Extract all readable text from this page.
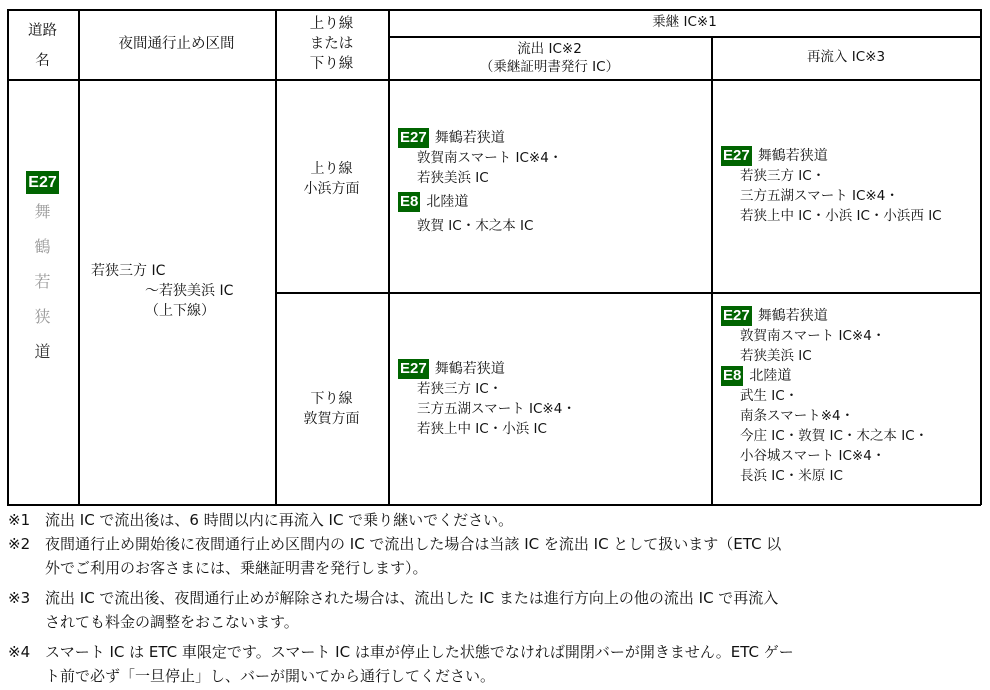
道路
名
夜間通行止め区間
上り線
または
下り線
乗継 IC※1
流出 IC※2
（乗継証明書発行 IC）
再流入 IC※3
E27
舞
鶴
若
狭
道
若狭三方 IC
～若狭美浜 IC
（上下線）
上り線
小浜方面
下り線
敦賀方面
E27 舞鶴若狭道
敦賀南スマート IC※4・
若狭美浜 IC
E8 北陸道
敦賀 IC・木之本 IC
E27 舞鶴若狭道
若狭三方 IC・
三方五湖スマート IC※4・
若狭上中 IC・小浜 IC・小浜西 IC
E27 舞鶴若狭道
若狭三方 IC・
三方五湖スマート IC※4・
若狭上中 IC・小浜 IC
E27 舞鶴若狭道
敦賀南スマート IC※4・
若狭美浜 IC
E8 北陸道
武生 IC・
南条スマート※4・
今庄 IC・敦賀 IC・木之本 IC・
小谷城スマート IC※4・
長浜 IC・米原 IC
※1 流出 IC で流出後は、6 時間以内に再流入 IC で乗り継いでください。
※2 夜間通行止め開始後に夜間通行止め区間内の IC で流出した場合は当該 IC を流出 IC として扱います（ETC 以
外でご利用のお客さまには、乗継証明書を発行します）。
※3 流出 IC で流出後、夜間通行止めが解除された場合は、流出した IC または進行方向上の他の流出 IC で再流入
されても料金の調整をおこないます。
※4 スマート IC は ETC 車限定です。スマート IC は車が停止した状態でなければ開閉バーが開きません。ETC ゲー
ト前で必ず「一旦停止」し、バーが開いてから通行してください。
